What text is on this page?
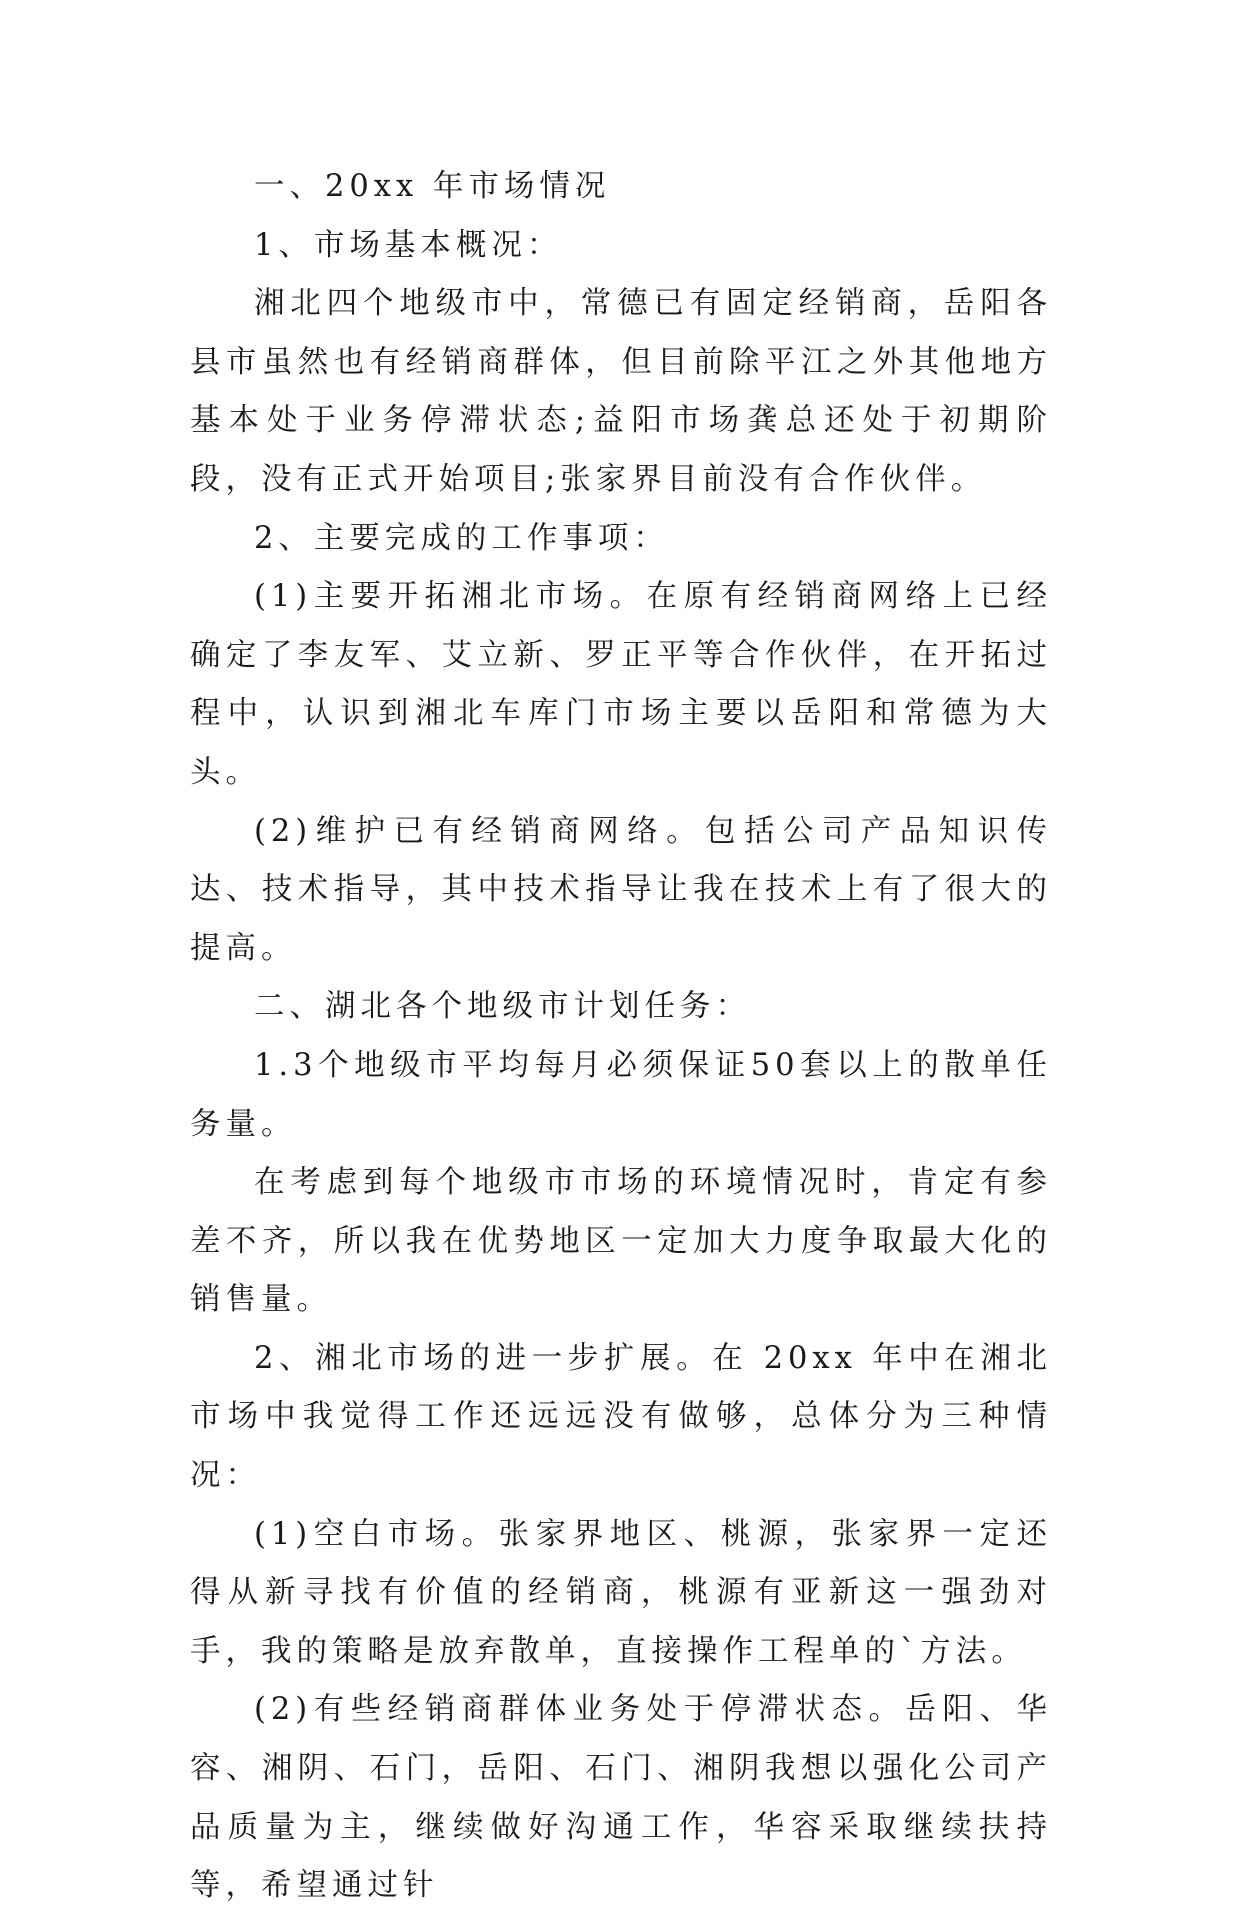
一、20xx 年市场情况

1、市场基本概况：

湘北四个地级市中，常德已有固定经销商，岳阳各县市虽然也有经销商群体，但目前除平江之外其他地方基本处于业务停滞状态;益阳市场龚总还处于初期阶段，没有正式开始项目;张家界目前没有合作伙伴。

2、主要完成的工作事项：

(1)主要开拓湘北市场。在原有经销商网络上已经确定了李友军、艾立新、罗正平等合作伙伴，在开拓过程中，认识到湘北车库门市场主要以岳阳和常德为大头。

(2)维护已有经销商网络。包括公司产品知识传达、技术指导，其中技术指导让我在技术上有了很大的提高。

二、湖北各个地级市计划任务：

1.3个地级市平均每月必须保证50套以上的散单任务量。

在考虑到每个地级市市场的环境情况时，肯定有参差不齐，所以我在优势地区一定加大力度争取最大化的销售量。

2、湘北市场的进一步扩展。在 20xx 年中在湘北市场中我觉得工作还远远没有做够，总体分为三种情况：

(1)空白市场。张家界地区、桃源，张家界一定还得从新寻找有价值的经销商，桃源有亚新这一强劲对手，我的策略是放弃散单，直接操作工程单的`方法。

(2)有些经销商群体业务处于停滞状态。岳阳、华容、湘阴、石门，岳阳、石门、湘阴我想以强化公司产品质量为主，继续做好沟通工作，华容采取继续扶持等，希望通过针
